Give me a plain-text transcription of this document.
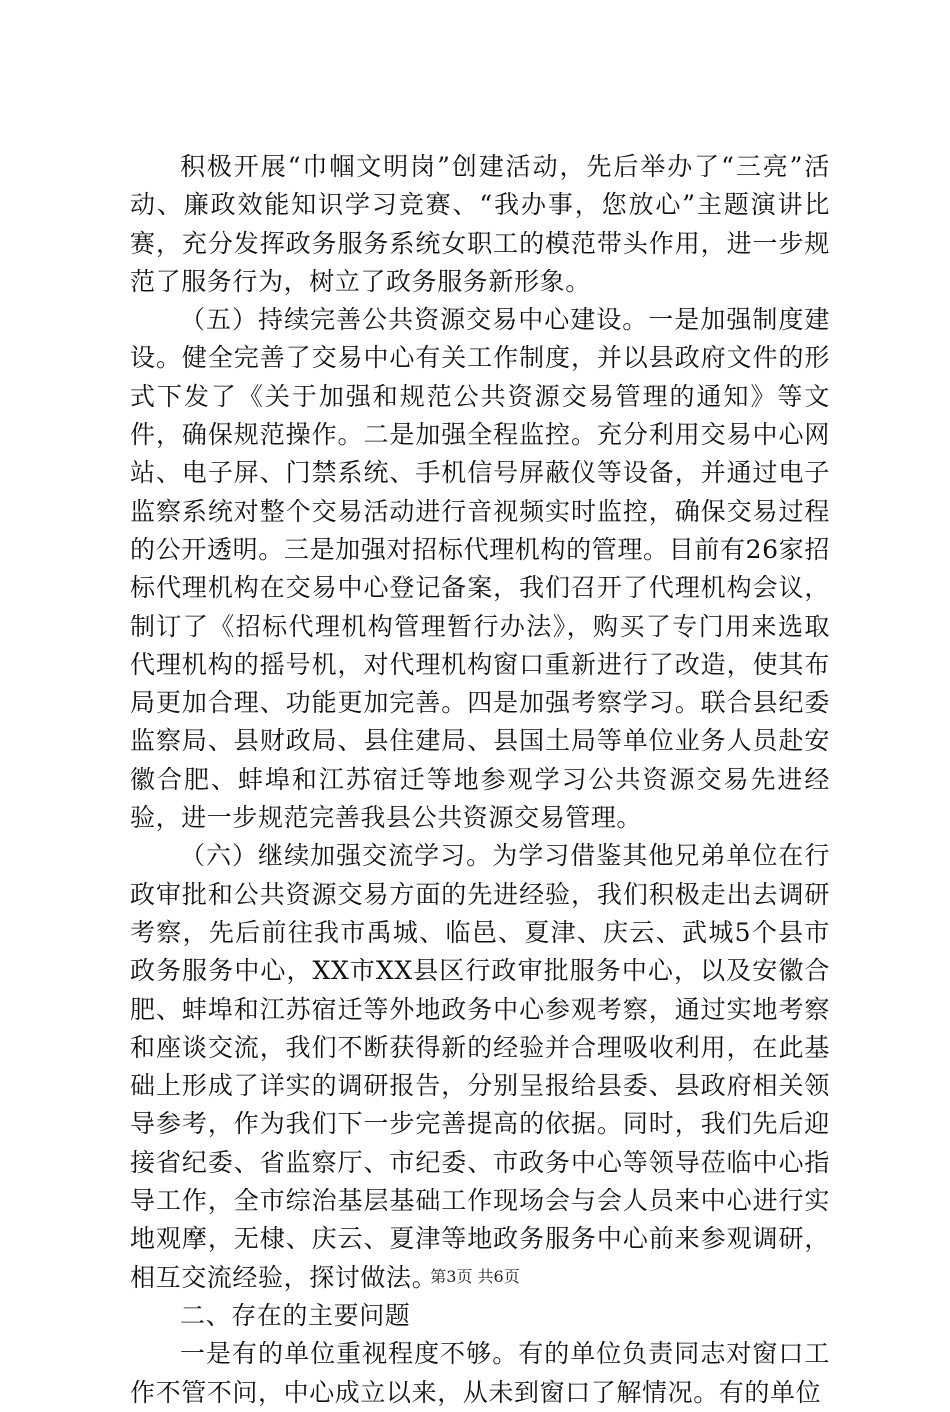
积极开展“巾帼文明岗”创建活动，先后举办了“三亮”活动、廉政效能知识学习竞赛、“我办事，您放心”主题演讲比赛，充分发挥政务服务系统女职工的模范带头作用，进一步规范了服务行为，树立了政务服务新形象。

（五）持续完善公共资源交易中心建设。一是加强制度建设。健全完善了交易中心有关工作制度，并以县政府文件的形式下发了《关于加强和规范公共资源交易管理的通知》等文件，确保规范操作。二是加强全程监控。充分利用交易中心网站、电子屏、门禁系统、手机信号屏蔽仪等设备，并通过电子监察系统对整个交易活动进行音视频实时监控，确保交易过程的公开透明。三是加强对招标代理机构的管理。目前有26家招标代理机构在交易中心登记备案，我们召开了代理机构会议，制订了《招标代理机构管理暂行办法》，购买了专门用来选取代理机构的摇号机，对代理机构窗口重新进行了改造，使其布局更加合理、功能更加完善。四是加强考察学习。联合县纪委监察局、县财政局、县住建局、县国土局等单位业务人员赴安徽合肥、蚌埠和江苏宿迁等地参观学习公共资源交易先进经验，进一步规范完善我县公共资源交易管理。

（六）继续加强交流学习。为学习借鉴其他兄弟单位在行政审批和公共资源交易方面的先进经验，我们积极走出去调研考察，先后前往我市禹城、临邑、夏津、庆云、武城5个县市政务服务中心，XX市XX县区行政审批服务中心，以及安徽合肥、蚌埠和江苏宿迁等外地政务中心参观考察，通过实地考察和座谈交流，我们不断获得新的经验并合理吸收利用，在此基础上形成了详实的调研报告，分别呈报给县委、县政府相关领导参考，作为我们下一步完善提高的依据。同时，我们先后迎接省纪委、省监察厅、市纪委、市政务中心等领导莅临中心指导工作，全市综治基层基础工作现场会与会人员来中心进行实地观摩，无棣、庆云、夏津等地政务服务中心前来参观调研，相互交流经验，探讨做法。

二、存在的主要问题

一是有的单位重视程度不够。有的单位负责同志对窗口工作不管不问，中心成立以来，从未到窗口了解情况。有的单位

第3页 共6页
